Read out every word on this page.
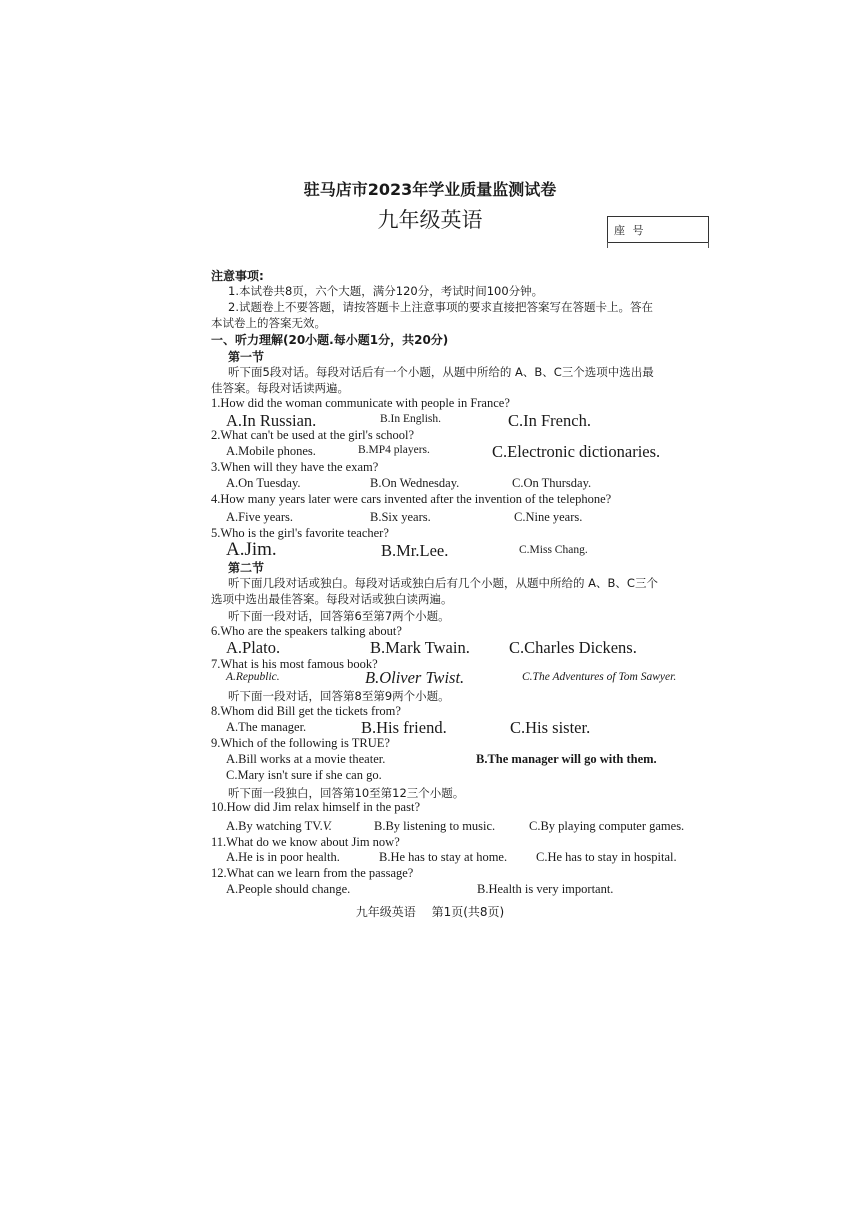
驻马店市2023年学业质量监测试卷
九年级英语	座 号
注意事项:
1.本试卷共8页，六个大题，满分120分，考试时间100分钟。
2.试题卷上不要答题，请按答题卡上注意事项的要求直接把答案写在答题卡上。答在
本试卷上的答案无效。
一、听力理解(20小题.每小题1分，共20分)
第一节
听下面5段对话。每段对话后有一个小题，从题中所给的 A、B、C三个选项中选出最
佳答案。每段对话读两遍。
1.How did the woman communicate with people in France?
A.In Russian.	B.In English.	C.In French.
2.What can't be used at the girl's school?
A.Mobile phones.	B.MP4 players.	C.Electronic dictionaries.
3.When will they have the exam?
A.On Tuesday.	B.On Wednesday.	C.On Thursday.
4.How many years later were cars invented after the invention of the telephone?
A.Five years.	B.Six years.	C.Nine years.
5.Who is the girl's favorite teacher?
A.Jim.	B.Mr.Lee.	C.Miss Chang.
第二节
听下面几段对话或独白。每段对话或独白后有几个小题，从题中所给的 A、B、C三个
选项中选出最佳答案。每段对话或独白读两遍。
听下面一段对话，回答第6至第7两个小题。
6.Who are the speakers talking about?
A.Plato.	B.Mark Twain. C.Charles Dickens.
7.What is his most famous book?
A.Republic.	B.Oliver Twist.	C.The Adventures of Tom Sawyer.
听下面一段对话，回答第8至第9两个小题。
8.Whom did Bill get the tickets from?
A.The manager.	B.His friend.	C.His sister.
9.Which of the following is TRUE?
A.Bill works at a movie theater.	B.The manager will go with them.
C.Mary isn't sure if she can go.
听下面一段独白，回答第10至第12三个小题。
10.How did Jim relax himself in the past?
A.By watching TV.V.	B.By listening to music.	C.By playing computer games.
11.What do we know about Jim now?
A.He is in poor health.	B.He has to stay at home. C.He has to stay in hospital.
12.What can we learn from the passage?
A.People should change.	B.Health is very important.
九年级英语　 第1页(共8页)
